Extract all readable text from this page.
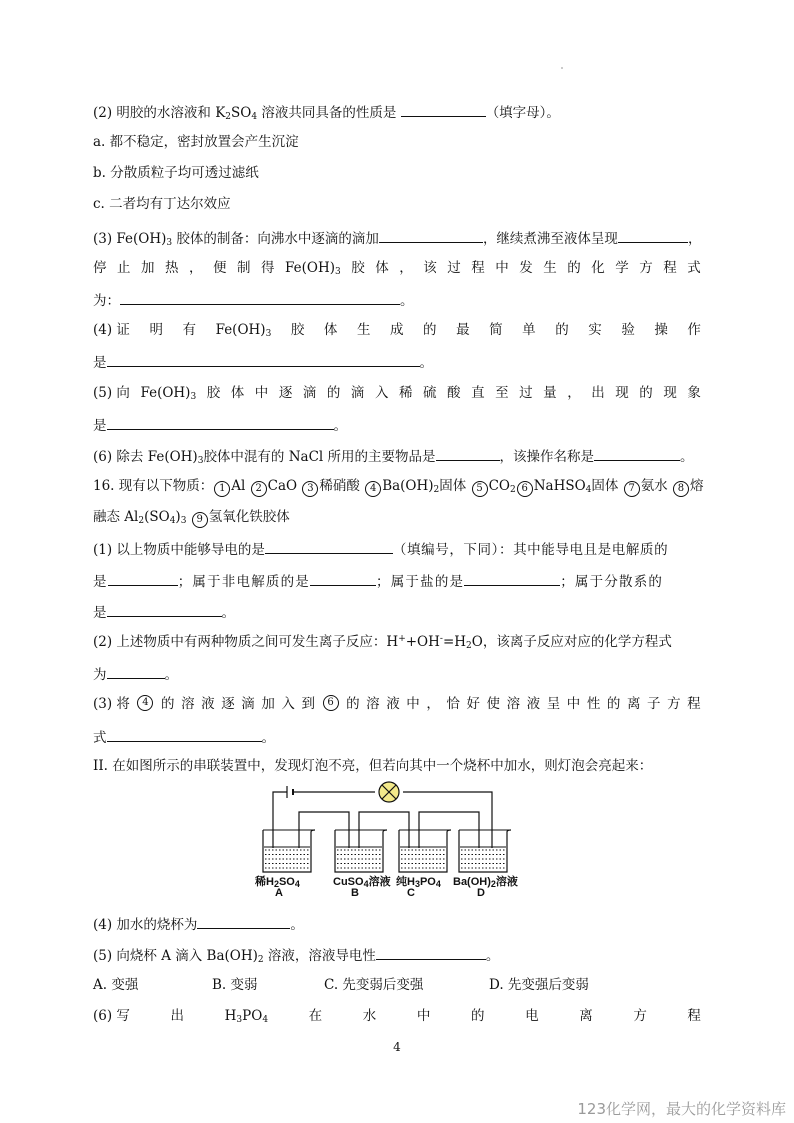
(2) 明胶的水溶液和 $K_2SO_4$ 溶液共同具备的性质是	（填字母）。
a. 都不稳定，密封放置会产生沉淀
b. 分散质粒子均可透过滤纸
c. 二者均有丁达尔效应
(3) $Fe(OH)_3$ 胶体的制备：向沸水中逐滴的滴加	，继续煮沸至液体呈现	，
停 止 加 热 ， 便 制 得 $Fe(OH)_3$ 胶 体 ， 该 过 程 中 发 生 的 化 学 方 程 式
为：	。
(4) 证 明 有 $Fe(OH)_3$ 胶 体 生 成 的 最 简 单 的 实 验 操 作
是	。
(5) 向 $Fe(OH)_3$ 胶 体 中 逐 滴 的 滴 入 稀 硫 酸 直 至 过 量 ， 出 现 的 现 象
是	。
(6) 除去 $Fe(OH)_3$胶体中混有的 NaCl 所用的主要物品是	，该操作名称是	。
16. 现有以下物质： 1 Al 2 CaO 3 稀硝酸 4 $Ba(OH)_2$固体 5 $CO_2$ 6 NaHSO$_4$固体 7 氨水 8 熔
融态 $Al_2(SO_4)_3$ 9 氢氧化铁胶体
(1) 以上物质中能够导电的是	（填编号，下同）：其中能导电且是电解质的
是	；属于非电解质的是	；属于盐的是	；属于分散系的
是	。
(2) 上述物质中有两种物质之间可发生离子反应：$H^++OH^-=H_2O$，该离子反应对应的化学方程式
为	。
(3) 将	4 的 溶 液 逐 滴 加 入 到	6 的 溶 液 中 ， 恰 好 使 溶 液 呈 中 性 的 离 子 方 程
式	。
II. 在如图所示的串联装置中，发现灯泡不亮，但若向其中一个烧杯中加水，则灯泡会亮起来：
稀$H_2SO_4$
A
CuSO$_4$溶液
B
纯$H_3PO_4$
C
$Ba(OH)_2$溶液
D
(4) 加水的烧杯为	。
(5) 向烧杯 A 滴入 $Ba(OH)_2$ 溶液，溶液导电性	。
A. 变强	B. 变弱	C. 先变弱后变强	D. 先变强后变弱
(6) 写	出	$H_3PO_4$	在	水	中	的	电	离	方	程
4
123化学网，最大的化学资料库
